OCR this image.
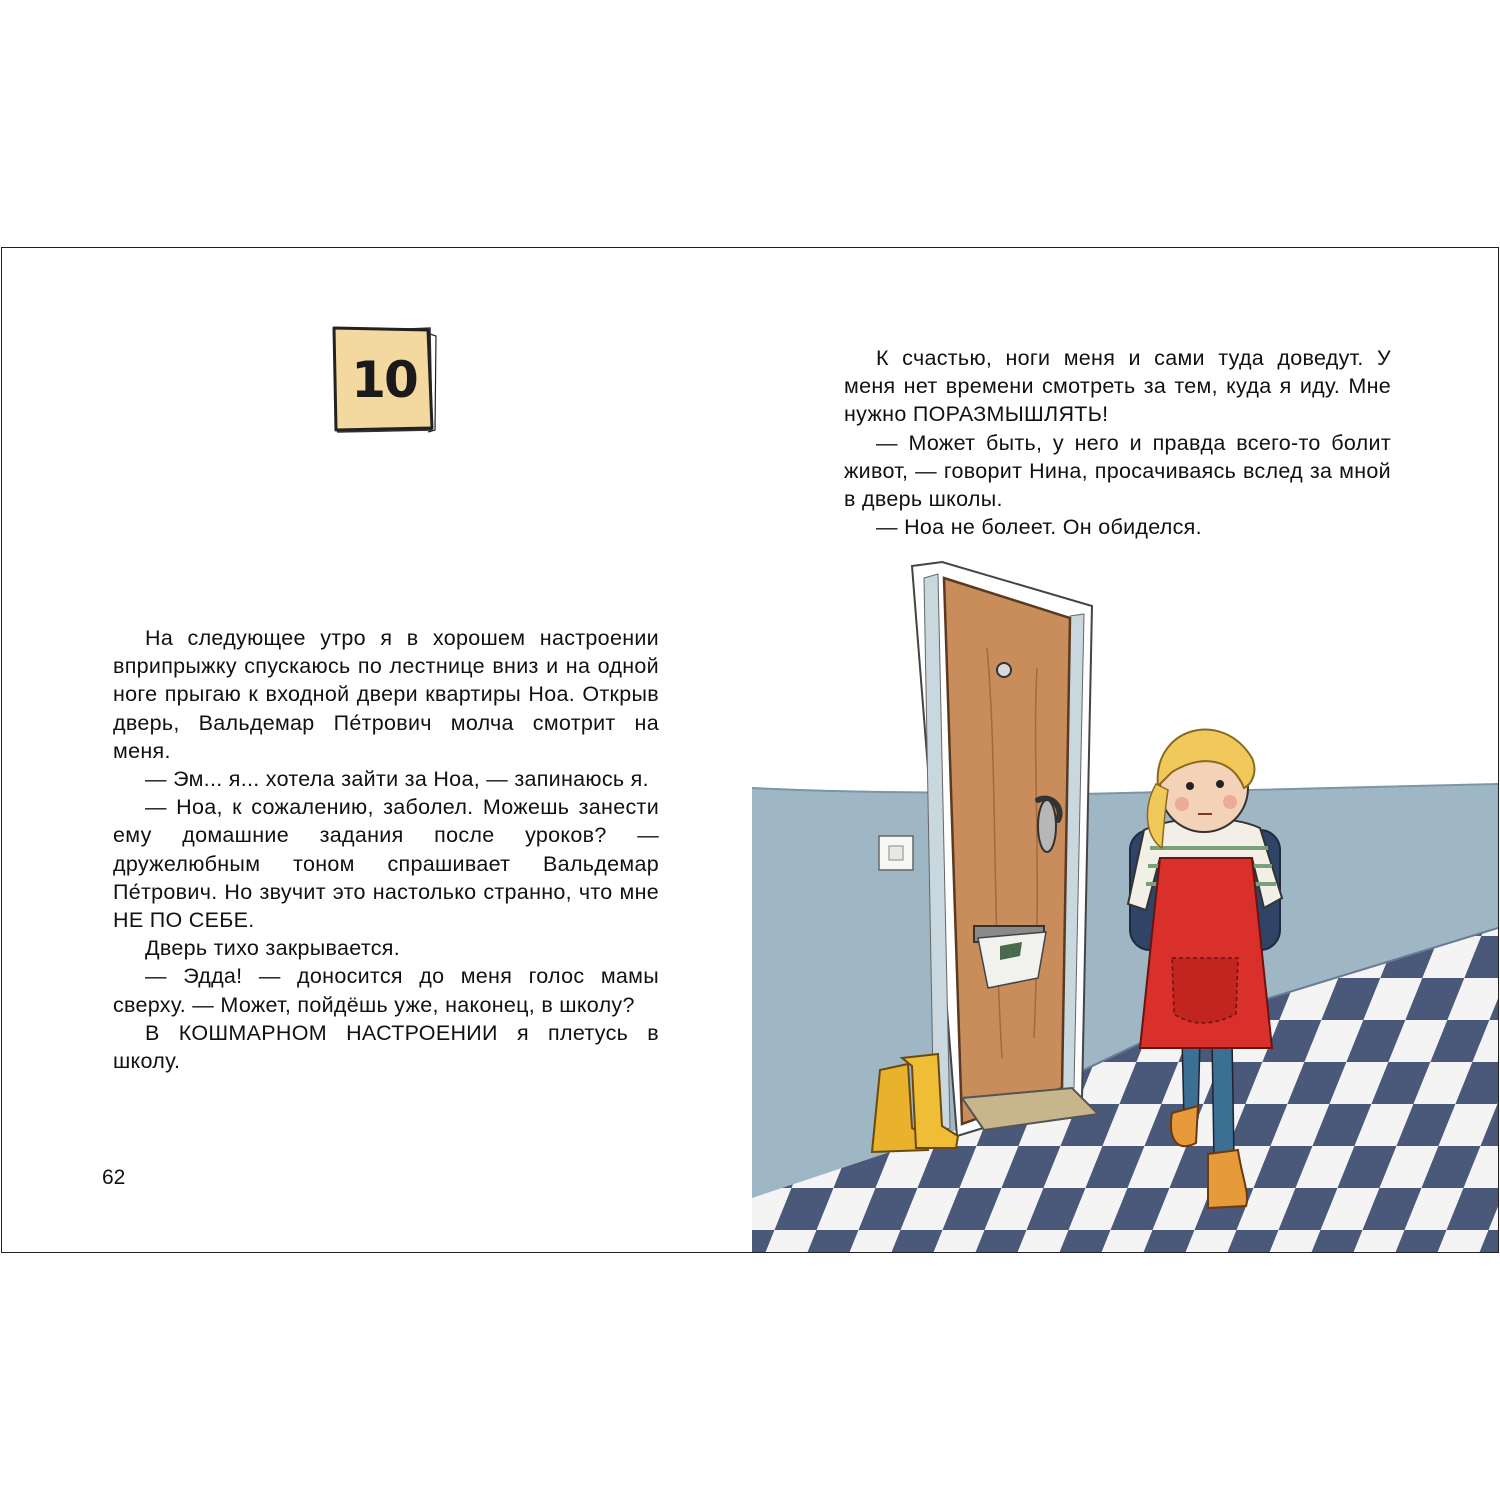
10

На следующее утро я в хорошем настроении вприпрыжку спускаюсь по лестнице вниз и на одной ноге прыгаю к входной двери квартиры Ноа. Открыв дверь, Вальдемар Пе́трович молча смотрит на меня.

— Эм... я... хотела зайти за Ноа, — запинаюсь я.

— Ноа, к сожалению, заболел. Можешь занести ему домашние задания после уроков? — дружелюбным тоном спрашивает Вальдемар Пе́трович. Но звучит это настолько странно, что мне НЕ ПО СЕБЕ.

Дверь тихо закрывается.

— Эдда! — доносится до меня голос мамы сверху. — Может, пойдёшь уже, наконец, в школу?

В КОШМАРНОМ НАСТРОЕНИИ я плетусь в школу.

62

К счастью, ноги меня и сами туда доведут. У меня нет времени смотреть за тем, куда я иду. Мне нужно ПОРАЗМЫШЛЯТЬ!

— Может быть, у него и правда всего-то болит живот, — говорит Нина, просачиваясь вслед за мной в дверь школы.

— Ноа не болеет. Он обиделся.
